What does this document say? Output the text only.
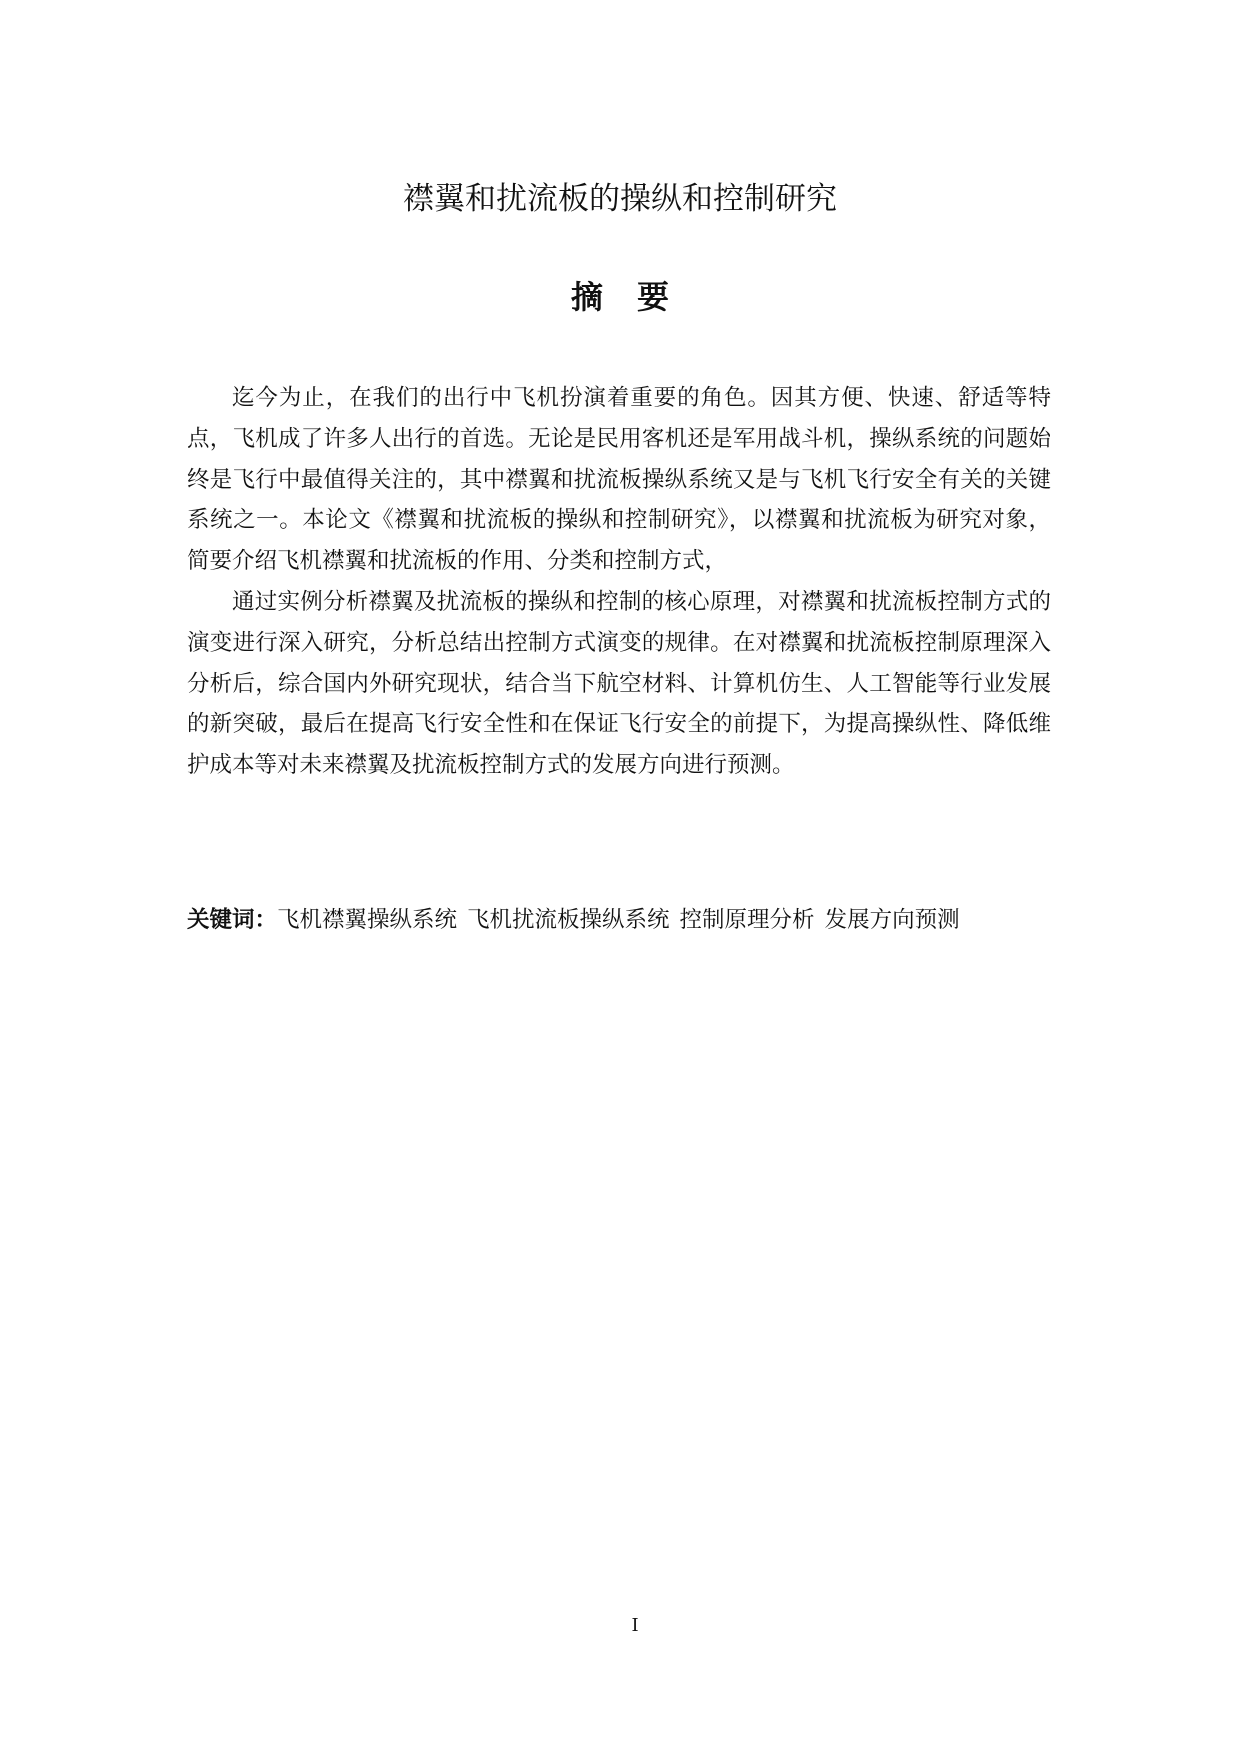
襟翼和扰流板的操纵和控制研究
摘 要

迄今为止，在我们的出行中飞机扮演着重要的角色。因其方便、快速、舒适等特点，飞机成了许多人出行的首选。无论是民用客机还是军用战斗机，操纵系统的问题始终是飞行中最值得关注的，其中襟翼和扰流板操纵系统又是与飞机飞行安全有关的关键系统之一。本论文《襟翼和扰流板的操纵和控制研究》，以襟翼和扰流板为研究对象，简要介绍飞机襟翼和扰流板的作用、分类和控制方式，

通过实例分析襟翼及扰流板的操纵和控制的核心原理，对襟翼和扰流板控制方式的演变进行深入研究，分析总结出控制方式演变的规律。在对襟翼和扰流板控制原理深入分析后，综合国内外研究现状，结合当下航空材料、计算机仿生、人工智能等行业发展的新突破，最后在提高飞行安全性和在保证飞行安全的前提下，为提高操纵性、降低维护成本等对未来襟翼及扰流板控制方式的发展方向进行预测。

关键词：飞机襟翼操纵系统 飞机扰流板操纵系统 控制原理分析 发展方向预测
I
